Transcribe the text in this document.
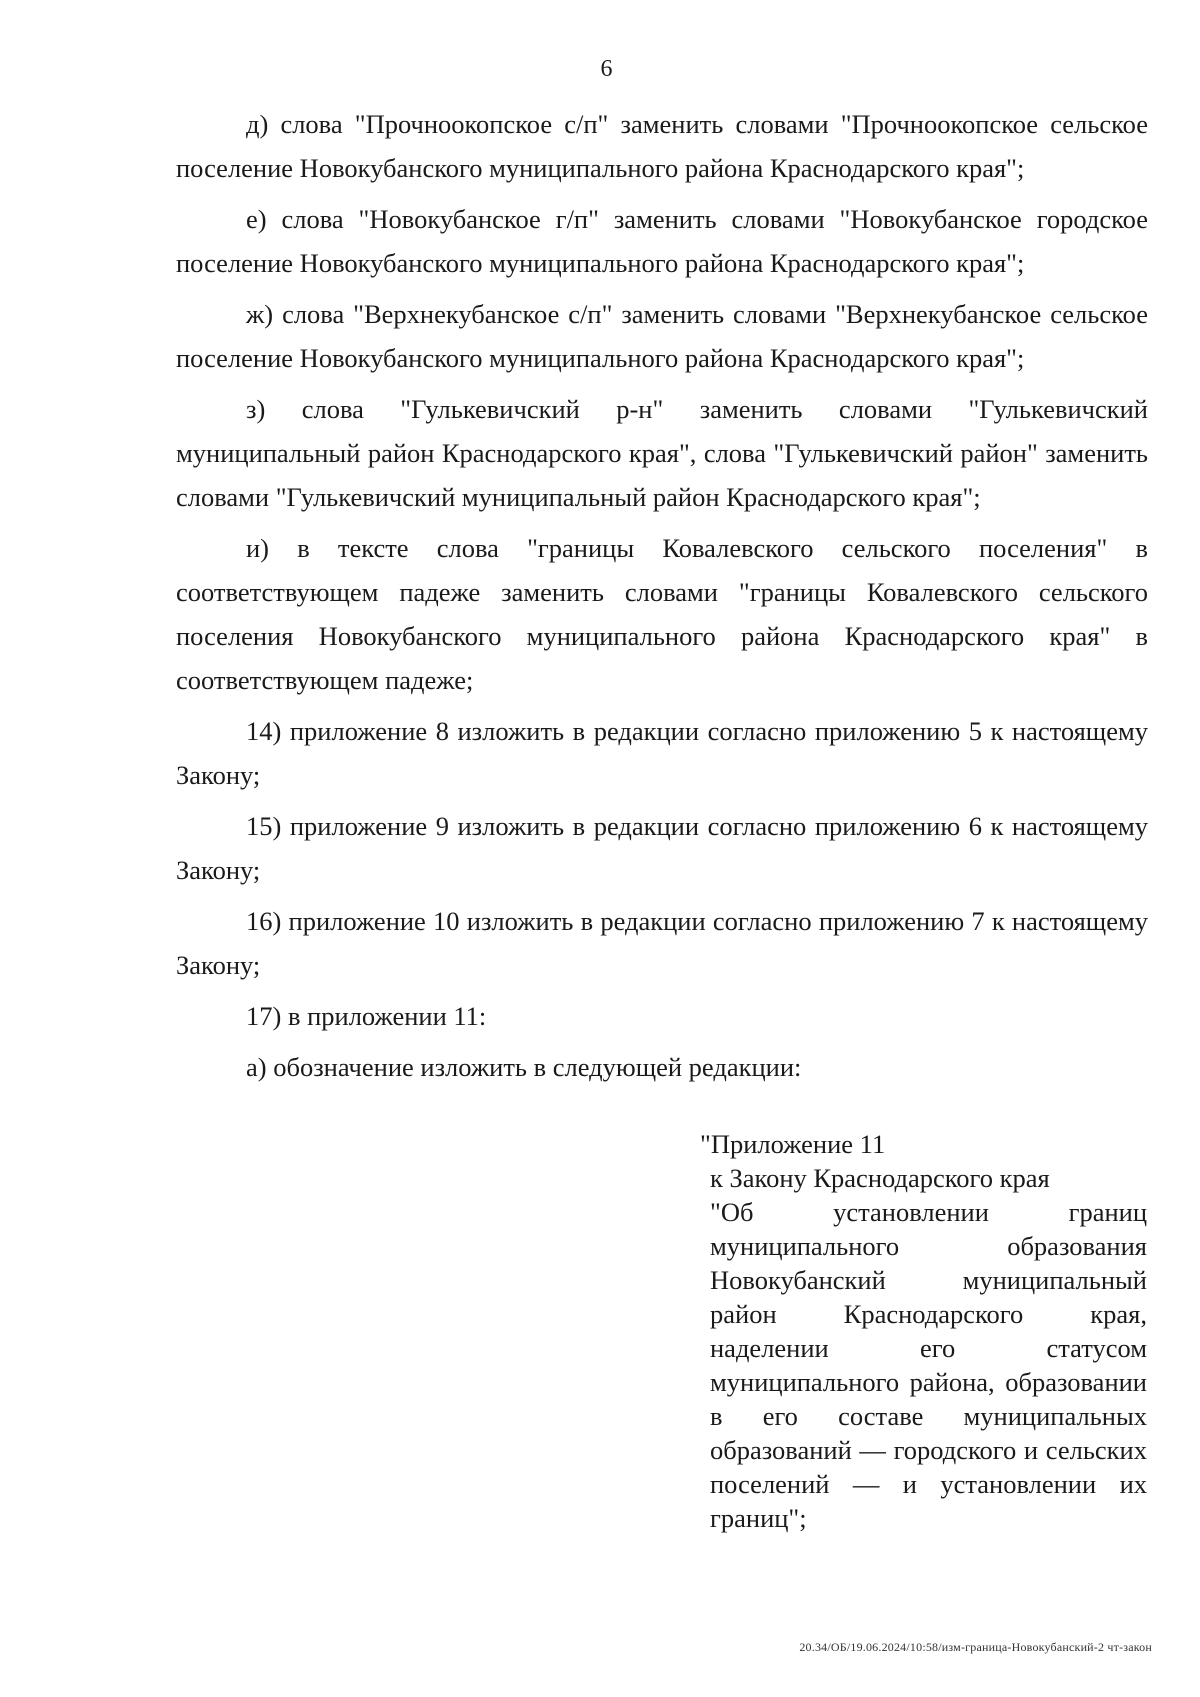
6

д) слова "Прочноокопское с/п" заменить словами "Прочноокопское сельское поселение Новокубанского муниципального района Краснодарского края";

е) слова "Новокубанское г/п" заменить словами "Новокубанское городское поселение Новокубанского муниципального района Краснодарского края";

ж) слова "Верхнекубанское с/п" заменить словами "Верхнекубанское сельское поселение Новокубанского муниципального района Краснодарского края";

з) слова "Гулькевичский р-н" заменить словами "Гулькевичский муниципальный район Краснодарского края", слова "Гулькевичский район" заменить словами "Гулькевичский муниципальный район Краснодарского края";

и) в тексте слова "границы Ковалевского сельского поселения" в соответствующем падеже заменить словами "границы Ковалевского сельского поселения Новокубанского муниципального района Краснодарского края" в соответствующем падеже;

14) приложение 8 изложить в редакции согласно приложению 5 к настоящему Закону;

15) приложение 9 изложить в редакции согласно приложению 6 к настоящему Закону;

16) приложение 10 изложить в редакции согласно приложению 7 к настоящему Закону;

17) в приложении 11:

а) обозначение изложить в следующей редакции:

"Приложение 11

к Закону Краснодарского края

"Об установлении границ муниципального образования Новокубанский муниципальный район Краснодарского края, наделении его статусом муниципального района, образовании в его составе муниципальных образований — городского и сельских поселений — и установлении их границ";

20.34/ОБ/19.06.2024/10:58/изм-граница-Новокубанский-2 чт-закон
